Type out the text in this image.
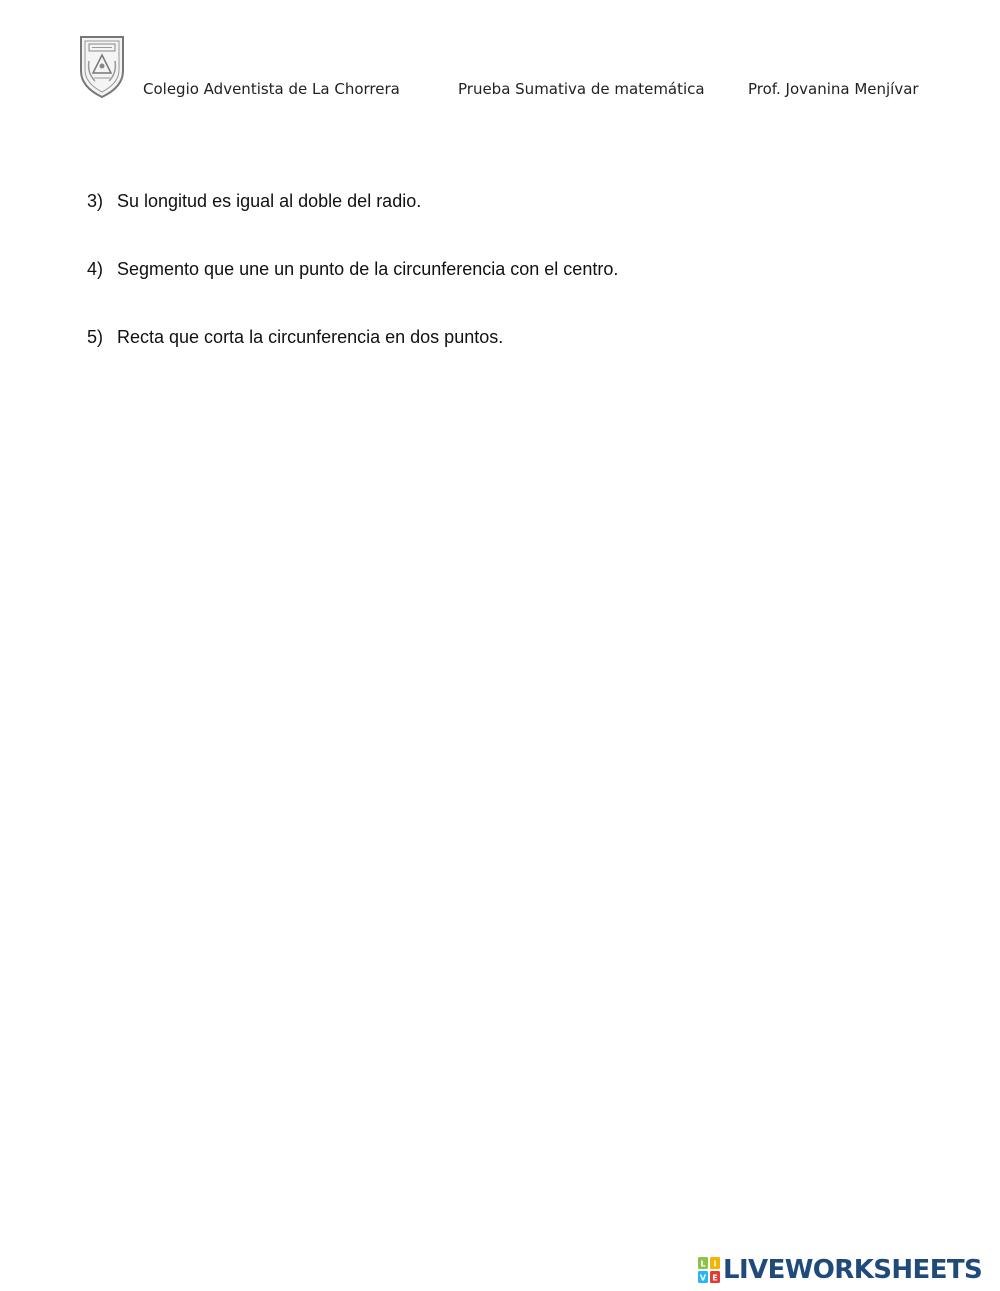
Colegio Adventista de La Chorrera	Prueba Sumativa de matemática	Prof. Jovanina Menjívar
3) Su longitud es igual al doble del radio.
4) Segmento que une un punto de la circunferencia con el centro.
5) Recta que corta la circunferencia en dos puntos.
L I
V E LIVEWORKSHEETS
